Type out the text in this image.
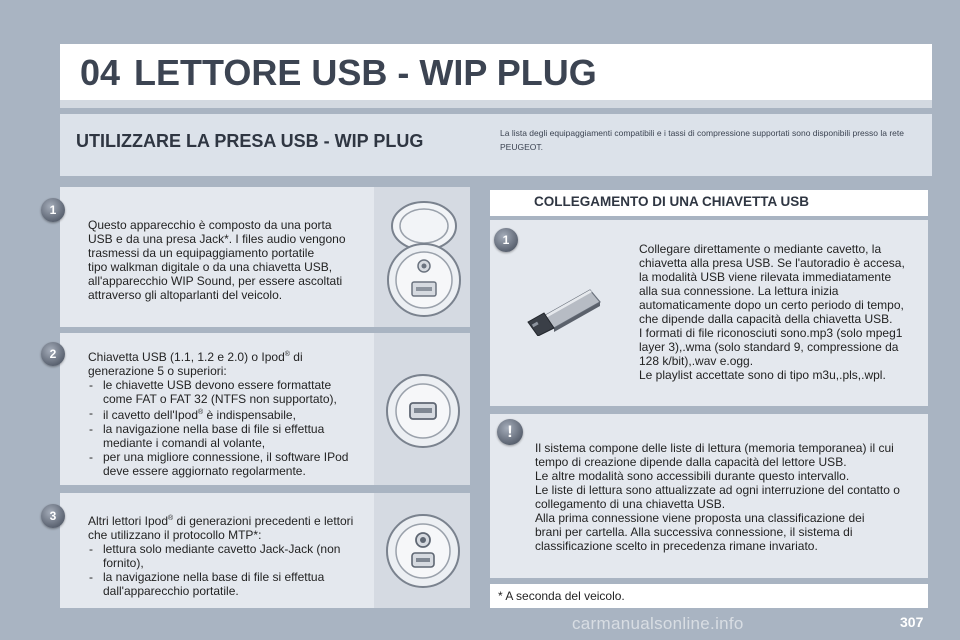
04 LETTORE USB - WIP PLUG
UTILIZZARE LA PRESA USB - WIP PLUG	La lista degli equipaggiamenti compatibili e i tassi di compressione supportati sono disponibili presso la rete PEUGEOT.
1

Questo apparecchio è composto da una porta

USB e da una presa Jack*. I files audio vengono

trasmessi da un equipaggiamento portatile

tipo walkman digitale o da una chiavetta USB,

all'apparecchio WIP Sound, per essere ascoltati

attraverso gli altoparlanti del veicolo.

2	Chiavetta USB (1.1, 1.2 e 2.0) o Ipod® di

generazione 5 o superiori:

- le chiavette USB devono essere formattate
come FAT o FAT 32 (NTFS non supportato),
- il cavetto dell'Ipod® è indispensabile,
- la navigazione nella base di file si effettua
mediante i comandi al volante,
- per una migliore connessione, il software IPod
deve essere aggiornato regolarmente.
3	Altri lettori Ipod® di generazioni precedenti e lettori

che utilizzano il protocollo MTP*:

- lettura solo mediante cavetto Jack-Jack (non
fornito),
- la navigazione nella base di file si effettua
dall'apparecchio portatile.
COLLEGAMENTO DI UNA CHIAVETTA USB
1

Collegare direttamente o mediante cavetto, la

chiavetta alla presa USB. Se l'autoradio è accesa,

la modalità USB viene rilevata immediatamente

alla sua connessione. La lettura inizia

automaticamente dopo un certo periodo di tempo,

che dipende dalla capacità della chiavetta USB.

I formati di file riconosciuti sono.mp3 (solo mpeg1

layer 3),.wma (solo standard 9, compressione da

128 k/bit),.wav e.ogg.

Le playlist accettate sono di tipo m3u,.pls,.wpl.

!

Il sistema compone delle liste di lettura (memoria temporanea) il cui

tempo di creazione dipende dalla capacità del lettore USB.

Le altre modalità sono accessibili durante questo intervallo.

Le liste di lettura sono attualizzate ad ogni interruzione del contatto o

collegamento di una chiavetta USB.

Alla prima connessione viene proposta una classificazione dei

brani per cartella. Alla successiva connessione, il sistema di

classificazione scelto in precedenza rimane invariato.

* A seconda del veicolo.
carmanualsonline.info	307
